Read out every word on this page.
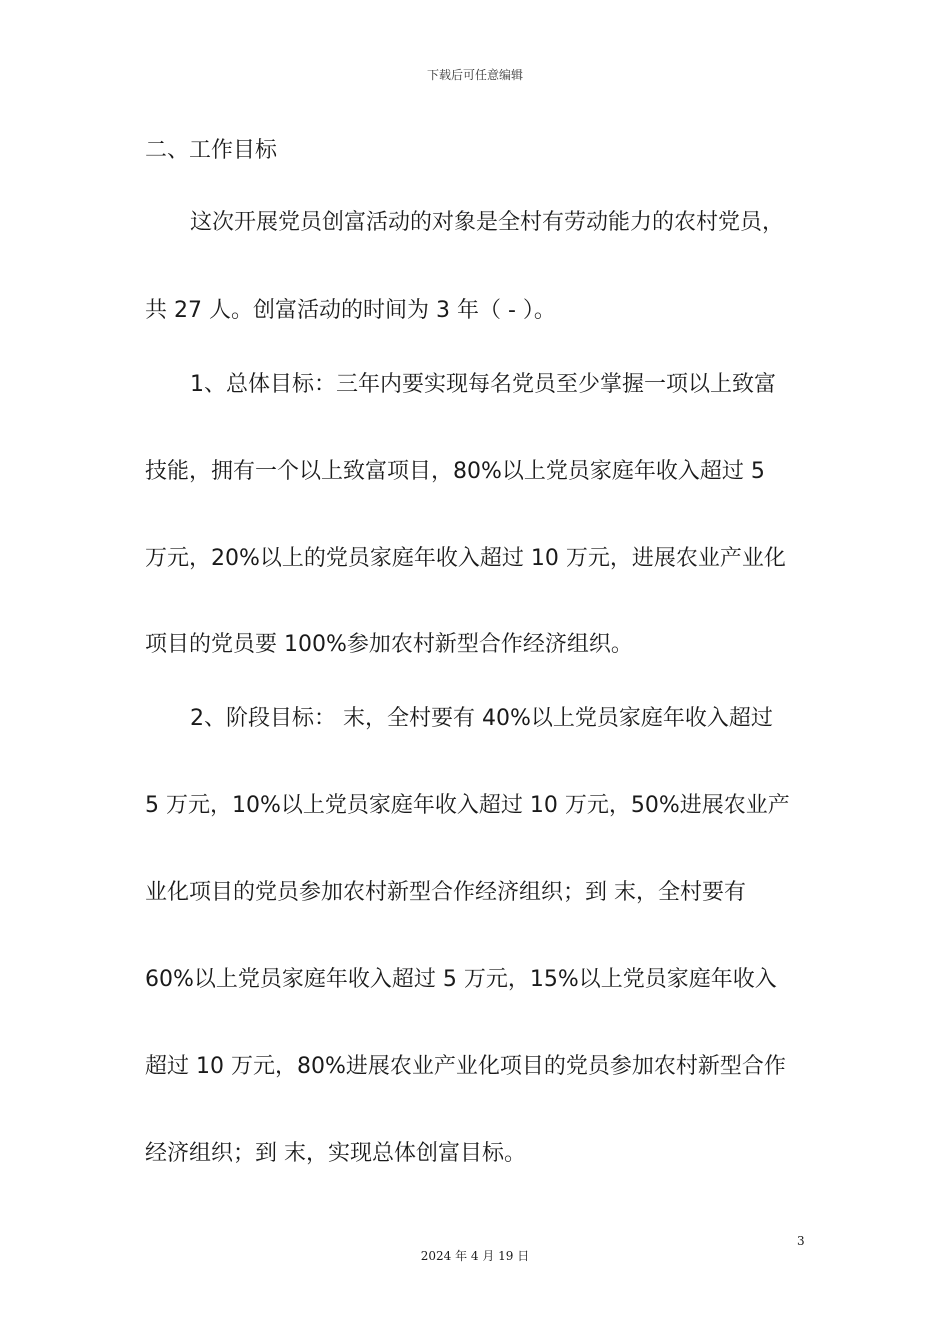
下载后可任意编辑
二、工作目标
这次开展党员创富活动的对象是全村有劳动能力的农村党员，
共 27 人。创富活动的时间为 3 年（ - ）。
1、总体目标：三年内要实现每名党员至少掌握一项以上致富
技能，拥有一个以上致富项目，80%以上党员家庭年收入超过 5
万元，20%以上的党员家庭年收入超过 10 万元，进展农业产业化
项目的党员要 100%参加农村新型合作经济组织。
2、阶段目标： 末，全村要有 40%以上党员家庭年收入超过
5 万元，10%以上党员家庭年收入超过 10 万元，50%进展农业产
业化项目的党员参加农村新型合作经济组织；到 末，全村要有
60%以上党员家庭年收入超过 5 万元，15%以上党员家庭年收入
超过 10 万元，80%进展农业产业化项目的党员参加农村新型合作
经济组织；到 末，实现总体创富目标。
3
2024 年 4 月 19 日
